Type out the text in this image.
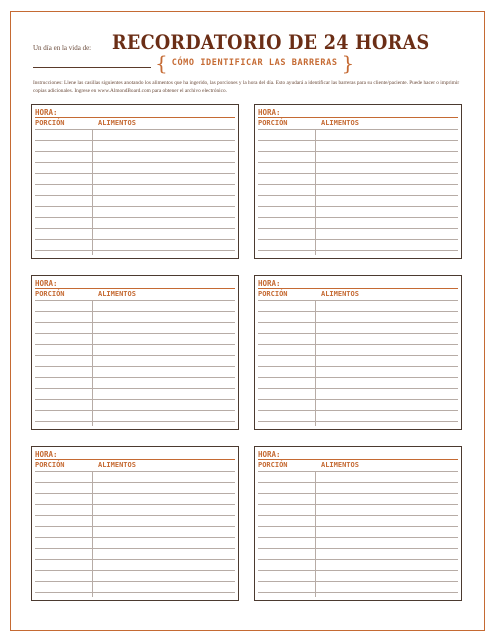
Un día en la vida de: RECORDATORIO DE 24 HORAS
{ CÓMO IDENTIFICAR LAS BARRERAS }
Instrucciones: Llene las casillas siguientes anotando los alimentos que ha ingerido, las porciones y la hora del día. Esto ayudará a identificar las barreras para su cliente/paciente. Puede hacer o imprimir copias adicionales. Ingrese en www.AlmondBoard.com para obtener el archivo electrónico.
HORA:
PORCIÓN	ALIMENTOS
HORA:
PORCIÓN	ALIMENTOS
HORA:
PORCIÓN	ALIMENTOS
HORA:
PORCIÓN	ALIMENTOS
HORA:
PORCIÓN	ALIMENTOS
HORA:
PORCIÓN	ALIMENTOS
